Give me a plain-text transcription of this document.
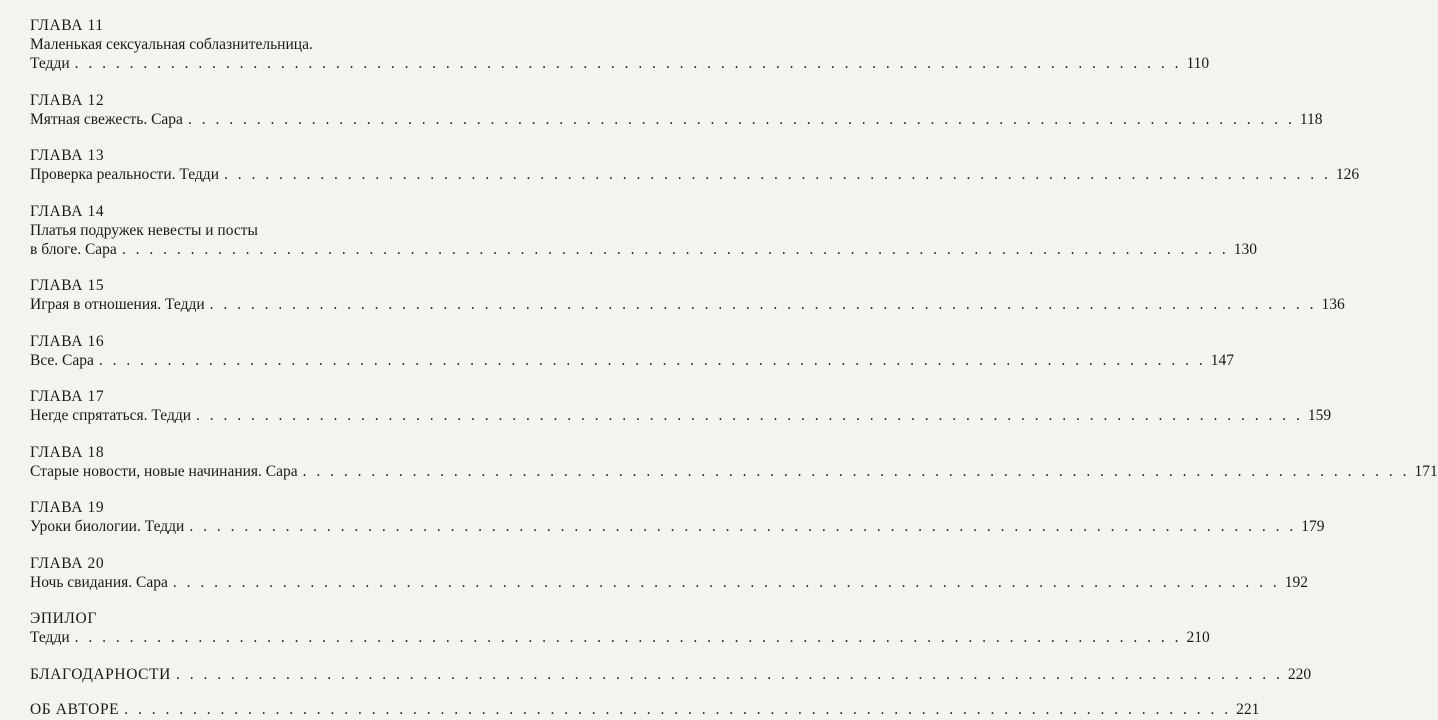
ГЛАВА 11
Маленькая сексуальная соблазнительница.
Тедди . . .	110
ГЛАВА 12
Мятная свежесть. Сара . . .	118
ГЛАВА 13
Проверка реальности. Тедди . . .	126
ГЛАВА 14
Платья подружек невесты и посты
в блоге. Сара . . .	130
ГЛАВА 15
Играя в отношения. Тедди . . .	136
ГЛАВА 16
Все. Сара . . .	147
ГЛАВА 17
Негде спрятаться. Тедди . . .	159
ГЛАВА 18
Старые новости, новые начинания. Сара . . .	171
ГЛАВА 19
Уроки биологии. Тедди . . .	179
ГЛАВА 20
Ночь свидания. Сара . . .	192
ЭПИЛОГ
Тедди . . .	210
БЛАГОДАРНОСТИ . . .	220
ОБ АВТОРЕ . . .	221
